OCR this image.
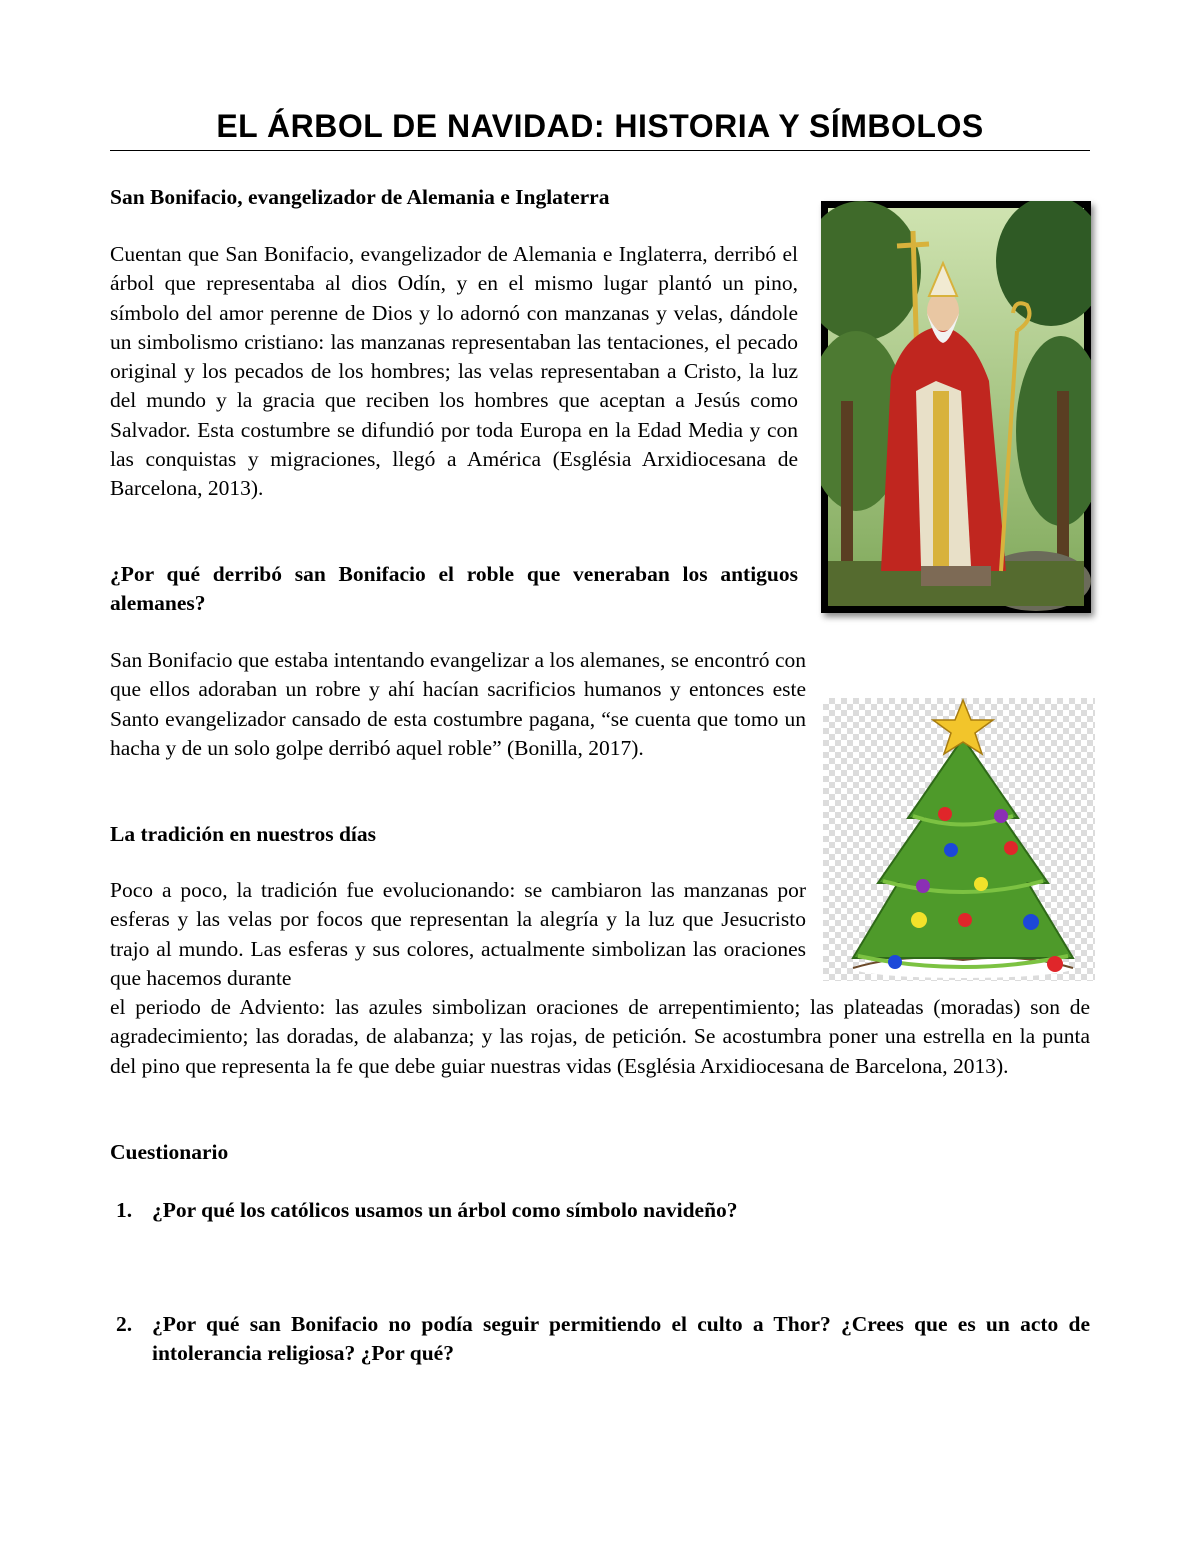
EL ÁRBOL DE NAVIDAD: HISTORIA Y SÍMBOLOS
San Bonifacio, evangelizador de Alemania e Inglaterra

Cuentan que San Bonifacio, evangelizador de Alemania e Inglaterra, derribó el árbol que representaba al dios Odín, y en el mismo lugar plantó un pino, símbolo del amor perenne de Dios y lo adornó con manzanas y velas, dándole un simbolismo cristiano: las manzanas representaban las tentaciones, el pecado original y los pecados de los hombres; las velas representaban a Cristo, la luz del mundo y la gracia que reciben los hombres que aceptan a Jesús como Salvador. Esta costumbre se difundió por toda Europa en la Edad Media y con las conquistas y migraciones, llegó a América (Església Arxidiocesana de Barcelona, 2013).

¿Por qué derribó san Bonifacio el roble que veneraban los antiguos alemanes?

San Bonifacio que estaba intentando evangelizar a los alemanes, se encontró con que ellos adoraban un robre y ahí hacían sacrificios humanos y entonces este Santo evangelizador cansado de esta costumbre pagana, “se cuenta que tomo un hacha y de un solo golpe derribó aquel roble” (Bonilla, 2017).

La tradición en nuestros días

Poco a poco, la tradición fue evolucionando: se cambiaron las manzanas por esferas y las velas por focos que representan la alegría y la luz que Jesucristo trajo al mundo. Las esferas y sus colores, actualmente simbolizan las oraciones que hacemos durante

el periodo de Adviento: las azules simbolizan oraciones de arrepentimiento; las plateadas (moradas) son de agradecimiento; las doradas, de alabanza; y las rojas, de petición. Se acostumbra poner una estrella en la punta del pino que representa la fe que debe guiar nuestras vidas (Església Arxidiocesana de Barcelona, 2013).

Cuestionario
1. ¿Por qué los católicos usamos un árbol como símbolo navideño?
2. ¿Por qué san Bonifacio no podía seguir permitiendo el culto a Thor? ¿Crees que es un acto de intolerancia religiosa? ¿Por qué?
